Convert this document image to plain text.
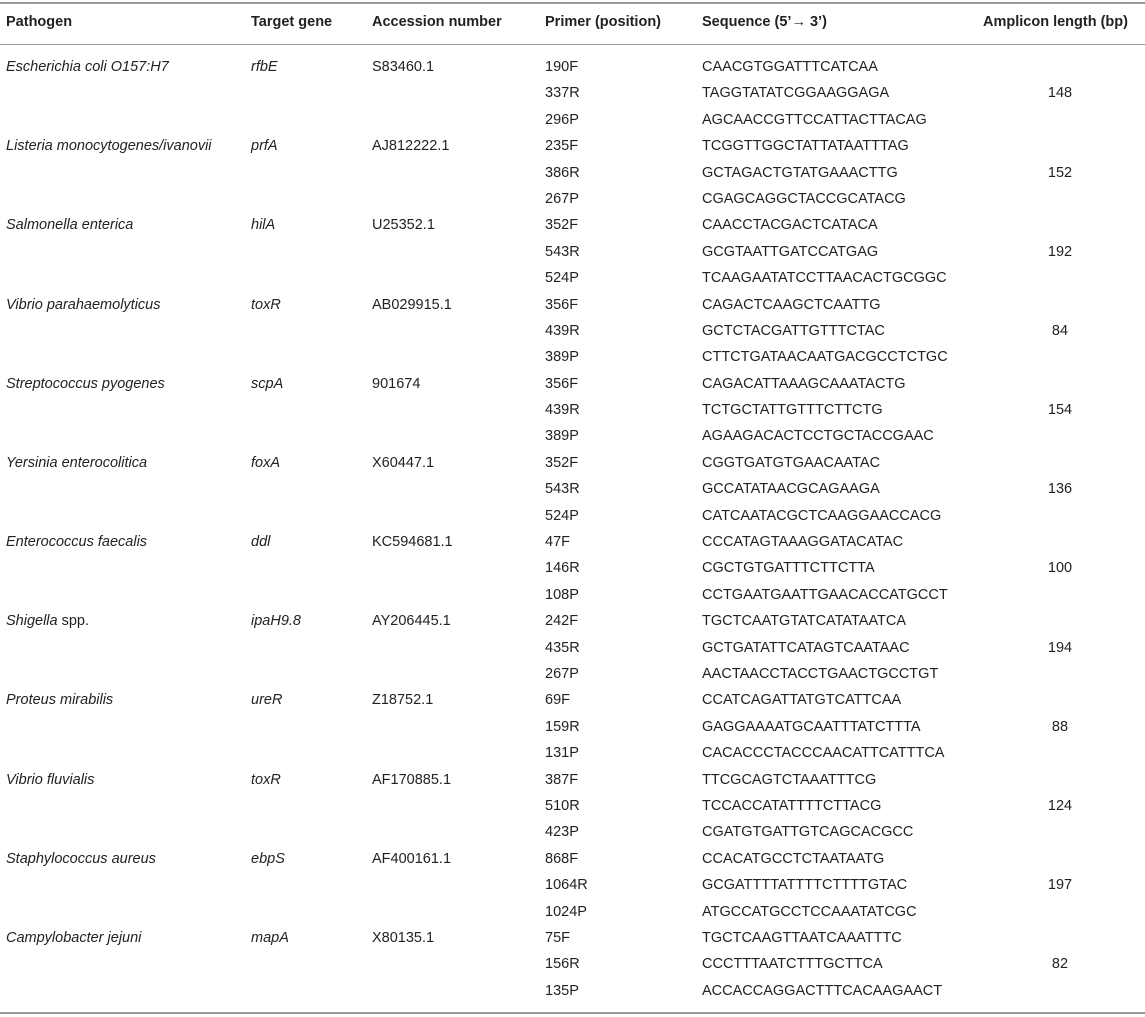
Pathogen	Target gene	Accession number	Primer (position)	Sequence (5’→ 3’)	Amplicon length (bp)
Escherichia coli O157:H7	rfbE	S83460.1	190F	CAACGTGGATTTCATCAA
337R	TAGGTATATCGGAAGGAGA	148
296P	AGCAACCGTTCCATTACTTACAG
Listeria monocytogenes/ivanovii	prfA	AJ812222.1	235F	TCGGTTGGCTATTATAATTTAG
386R	GCTAGACTGTATGAAACTTG	152
267P	CGAGCAGGCTACCGCATACG
Salmonella enterica	hilA	U25352.1	352F	CAACCTACGACTCATACA
543R	GCGTAATTGATCCATGAG	192
524P	TCAAGAATATCCTTAACACTGCGGC
Vibrio parahaemolyticus	toxR	AB029915.1	356F	CAGACTCAAGCTCAATTG
439R	GCTCTACGATTGTTTCTAC	84
389P	CTTCTGATAACAATGACGCCTCTGC
Streptococcus pyogenes	scpA	901674	356F	CAGACATTAAAGCAAATACTG
439R	TCTGCTATTGTTTCTTCTG	154
389P	AGAAGACACTCCTGCTACCGAAC
Yersinia enterocolitica	foxA	X60447.1	352F	CGGTGATGTGAACAATAC
543R	GCCATATAACGCAGAAGA	136
524P	CATCAATACGCTCAAGGAACCACG
Enterococcus faecalis	ddl	KC594681.1	47F	CCCATAGTAAAGGATACATAC
146R	CGCTGTGATTTCTTCTTA	100
108P	CCTGAATGAATTGAACACCATGCCT
Shigella spp.	ipaH9.8	AY206445.1	242F	TGCTCAATGTATCATATAATCA
435R	GCTGATATTCATAGTCAATAAC	194
267P	AACTAACCTACCTGAACTGCCTGT
Proteus mirabilis	ureR	Z18752.1	69F	CCATCAGATTATGTCATTCAA
159R	GAGGAAAATGCAATTTATCTTTA	88
131P	CACACCCTACCCAACATTCATTTCA
Vibrio fluvialis	toxR	AF170885.1	387F	TTCGCAGTCTAAATTTCG
510R	TCCACCATATTTTCTTACG	124
423P	CGATGTGATTGTCAGCACGCC
Staphylococcus aureus	ebpS	AF400161.1	868F	CCACATGCCTCTAATAATG
1064R	GCGATTTTATTTTCTTTTGTAC	197
1024P	ATGCCATGCCTCCAAATATCGC
Campylobacter jejuni	mapA	X80135.1	75F	TGCTCAAGTTAATCAAATTTC
156R	CCCTTTAATCTTTGCTTCA	82
135P	ACCACCAGGACTTTCACAAGAACT
